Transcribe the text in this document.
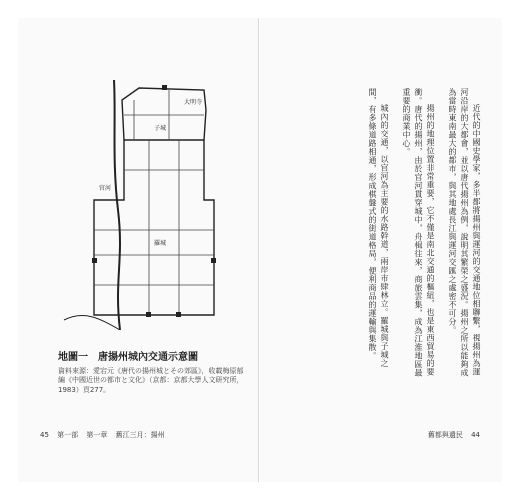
子城
羅城
官河
大明寺
地圖一　唐揚州城內交通示意圖
資料來源：愛宕元《唐代の揚州城とその郊區》，收載梅原郁編《中國近世の都市と文化》（京都：京都大學人文研究所，1983）頁277。

近代的中國史學家，多半都將揚州與運河的交通地位相聯繫，視揚州為運河沿岸的大都會，並以唐代揚州為例，說明其繁榮之盛況。揚州之所以能夠成為當時東南最大的都市，與其地處長江與運河交匯之處密不可分。

揚州的地理位置非常重要，它不僅是南北交通的樞紐，也是東西貿易的要衝。唐代的揚州，由於官河貫穿城中，舟楫往來，商旅雲集，成為江淮地區最重要的商業中心。

城內的交通，以官河為主要的水路幹道，兩岸市肆林立。羅城與子城之間，有多條道路相通，形成棋盤式的街道格局，便利商品的運輸與集散。

45 第一部 第一章 舊江三月：揚州	舊都與遺民 44
